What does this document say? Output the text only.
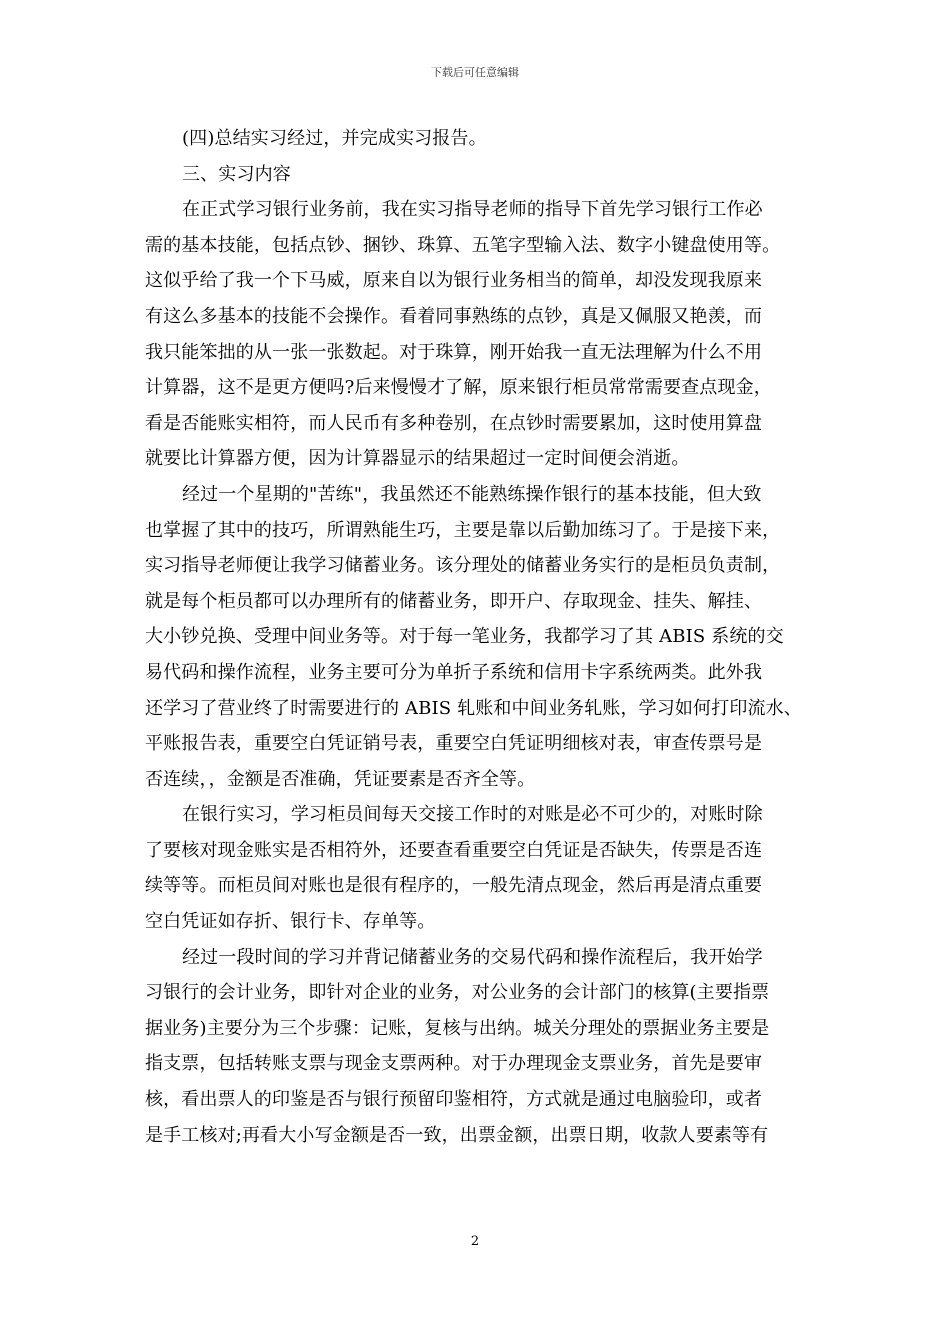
下载后可任意编辑
(四)总结实习经过，并完成实习报告。
三、实习内容
在正式学习银行业务前，我在实习指导老师的指导下首先学习银行工作必
需的基本技能，包括点钞、捆钞、珠算、五笔字型输入法、数字小键盘使用等。
这似乎给了我一个下马威，原来自以为银行业务相当的简单，却没发现我原来
有这么多基本的技能不会操作。看着同事熟练的点钞，真是又佩服又艳羡，而
我只能笨拙的从一张一张数起。对于珠算，刚开始我一直无法理解为什么不用
计算器，这不是更方便吗?后来慢慢才了解，原来银行柜员常常需要查点现金，
看是否能账实相符，而人民币有多种卷别，在点钞时需要累加，这时使用算盘
就要比计算器方便，因为计算器显示的结果超过一定时间便会消逝。
经过一个星期的"苦练"，我虽然还不能熟练操作银行的基本技能，但大致
也掌握了其中的技巧，所谓熟能生巧，主要是靠以后勤加练习了。于是接下来，
实习指导老师便让我学习储蓄业务。该分理处的储蓄业务实行的是柜员负责制，
就是每个柜员都可以办理所有的储蓄业务，即开户、存取现金、挂失、解挂、
大小钞兑换、受理中间业务等。对于每一笔业务，我都学习了其 ABIS 系统的交
易代码和操作流程，业务主要可分为单折子系统和信用卡字系统两类。此外我
还学习了营业终了时需要进行的 ABIS 轧账和中间业务轧账，学习如何打印流水、
平账报告表，重要空白凭证销号表，重要空白凭证明细核对表，审查传票号是
否连续，，金额是否准确，凭证要素是否齐全等。
在银行实习，学习柜员间每天交接工作时的对账是必不可少的，对账时除
了要核对现金账实是否相符外，还要查看重要空白凭证是否缺失，传票是否连
续等等。而柜员间对账也是很有程序的，一般先清点现金，然后再是清点重要
空白凭证如存折、银行卡、存单等。
经过一段时间的学习并背记储蓄业务的交易代码和操作流程后，我开始学
习银行的会计业务，即针对企业的业务，对公业务的会计部门的核算(主要指票
据业务)主要分为三个步骤：记账，复核与出纳。城关分理处的票据业务主要是
指支票，包括转账支票与现金支票两种。对于办理现金支票业务，首先是要审
核，看出票人的印鉴是否与银行预留印鉴相符，方式就是通过电脑验印，或者
是手工核对;再看大小写金额是否一致，出票金额，出票日期，收款人要素等有
2
